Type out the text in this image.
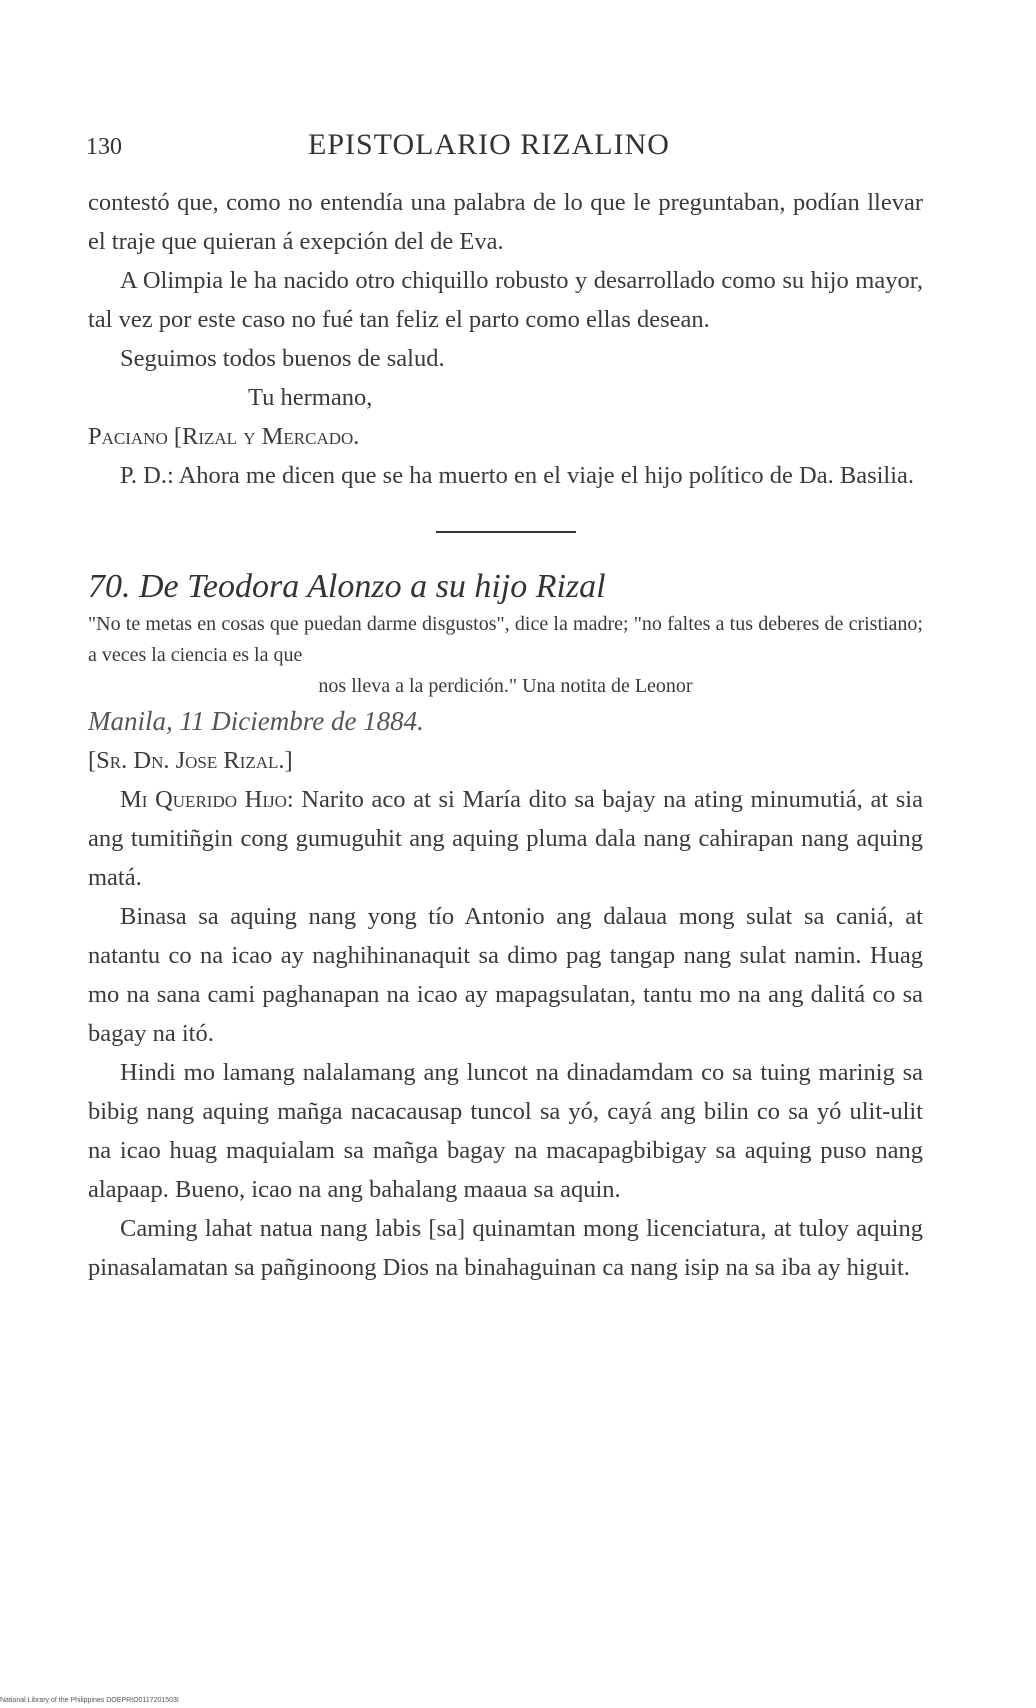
130	EPISTOLARIO RIZALINO

contestó que, como no entendía una palabra de lo que le preguntaban, podían llevar el traje que quieran á exepción del de Eva.

A Olimpia le ha nacido otro chiquillo robusto y desarrollado como su hijo mayor, tal vez por este caso no fué tan feliz el parto como ellas desean.

Seguimos todos buenos de salud.

Tu hermano,

Paciano [Rizal y Mercado.

P. D.: Ahora me dicen que se ha muerto en el viaje el hijo político de Da. Basilia.

70. De Teodora Alonzo a su hijo Rizal

"No te metas en cosas que puedan darme disgustos", dice la madre; "no faltes a tus deberes de cristiano; a veces la ciencia es la que
nos lleva a la perdición." Una notita de Leonor

Manila, 11 Diciembre de 1884.

[Sr. Dn. Jose Rizal.]

Mi Querido Hijo: Narito aco at si María dito sa bajay na ating minumutiá, at sia ang tumitiñgin cong gumuguhit ang aquing pluma dala nang cahirapan nang aquing matá.

Binasa sa aquing nang yong tío Antonio ang dalaua mong sulat sa caniá, at natantu co na icao ay naghihinanaquit sa dimo pag tangap nang sulat namin. Huag mo na sana cami paghanapan na icao ay mapagsulatan, tantu mo na ang dalitá co sa bagay na itó.

Hindi mo lamang nalalamang ang luncot na dinadamdam co sa tuing marinig sa bibig nang aquing mañga nacacausap tuncol sa yó, cayá ang bilin co sa yó ulit-ulit na icao huag maquialam sa mañga bagay na macapagbibigay sa aquing puso nang alapaap. Bueno, icao na ang bahalang maaua sa aquin.

Caming lahat natua nang labis [sa] quinamtan mong licenciatura, at tuloy aquing pinasalamatan sa pañginoong Dios na binahaguinan ca nang isip na sa iba ay higuit.

National Library of the Philippines DOEPRIO0117201503I
